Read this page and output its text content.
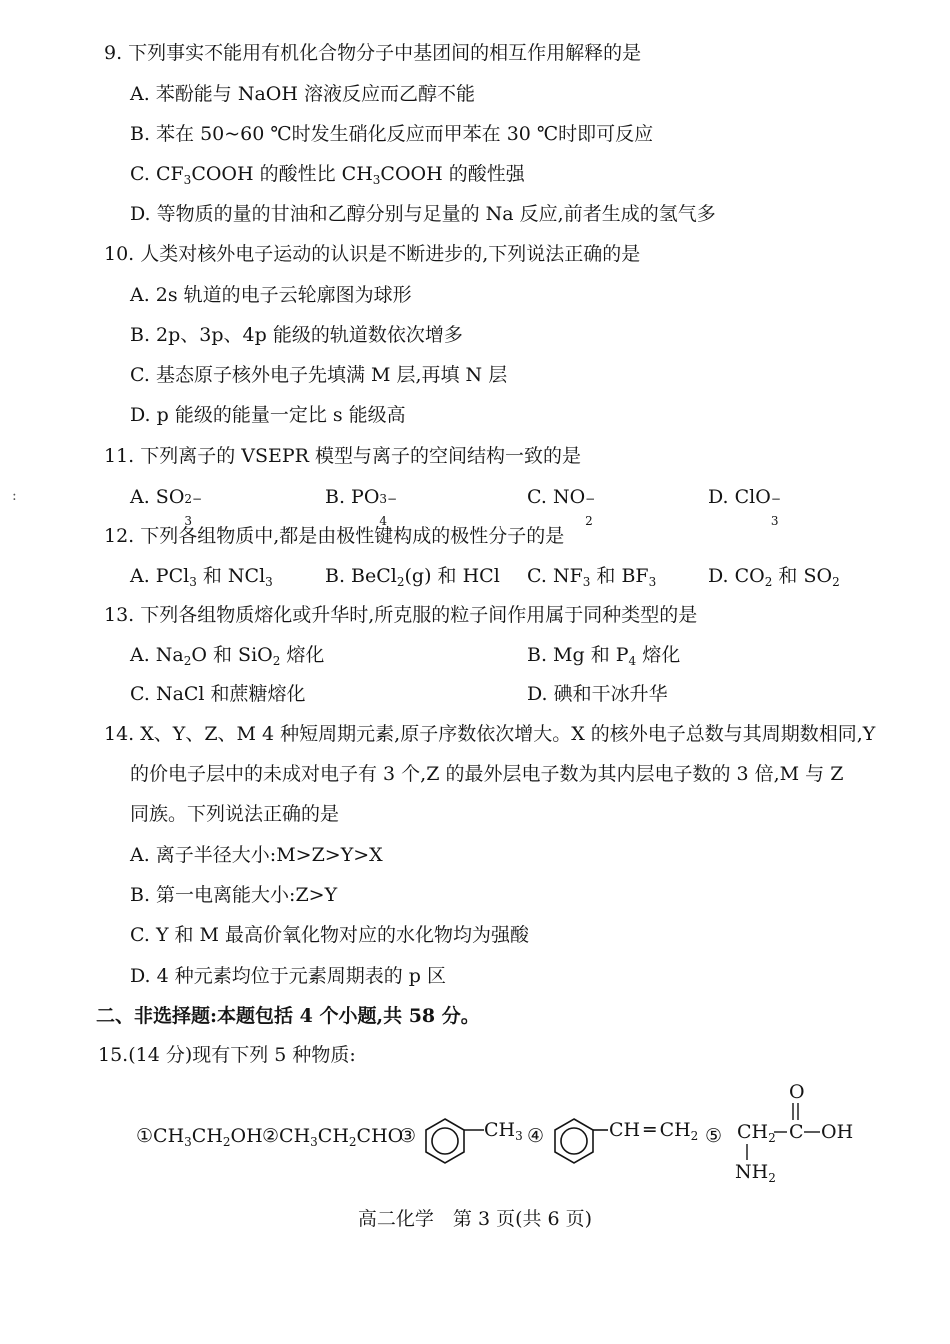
:
9. 下列事实不能用有机化合物分子中基团间的相互作用解释的是
A. 苯酚能与 NaOH 溶液反应而乙醇不能
B. 苯在 50~60 ℃时发生硝化反应而甲苯在 30 ℃时即可反应
C. $CF_3COOH$ 的酸性比 $CH_3COOH$ 的酸性强
D. 等物质的量的甘油和乙醇分别与足量的 Na 反应,前者生成的氢气多
10. 人类对核外电子运动的认识是不断进步的,下列说法正确的是
A. 2s 轨道的电子云轮廓图为球形
B. 2p、3p、4p 能级的轨道数依次增多
C. 基态原子核外电子先填满 M 层,再填 N 层
D. p 能级的能量一定比 s 能级高
11. 下列离子的 VSEPR 模型与离子的空间结构一致的是
A. SO 2−
3
B. PO 3−
4
C. NO −
2
D. ClO −
3
12. 下列各组物质中,都是由极性键构成的极性分子的是
A. PCl$_3$ 和 NCl$_3$	B. BeCl$_2$(g) 和 HCl C. $NF_3$ 和 $BF_3$	D. $CO_2$ 和 $SO_2$
13. 下列各组物质熔化或升华时,所克服的粒子间作用属于同种类型的是
A. $Na_2O$ 和 SiO$_2$ 熔化	B. Mg 和 $P_4$ 熔化
C. NaCl 和蔗糖熔化	D. 碘和干冰升华
14. X、Y、Z、M 4 种短周期元素,原子序数依次增大。X 的核外电子总数与其周期数相同,Y
的价电子层中的未成对电子有 3 个,Z 的最外层电子数为其内层电子数的 3 倍,M 与 Z
同族。下列说法正确的是
A. 离子半径大小:M>Z>Y>X
B. 第一电离能大小:Z>Y
C. Y 和 M 最高价氧化物对应的水化物均为强酸
D. 4 种元素均位于元素周期表的 p 区
二、非选择题:本题包括 4 个小题,共 58 分。
15.(14 分)现有下列 5 种物质:
$①CH_3CH_2OH$ $②CH_3CH_2CHO$
③	$CH_3$ ④	CH ═ $CH_2$ ⑤ $CH_2$ C OH
O
$NH_2$
高二化学　第 3 页(共 6 页)
